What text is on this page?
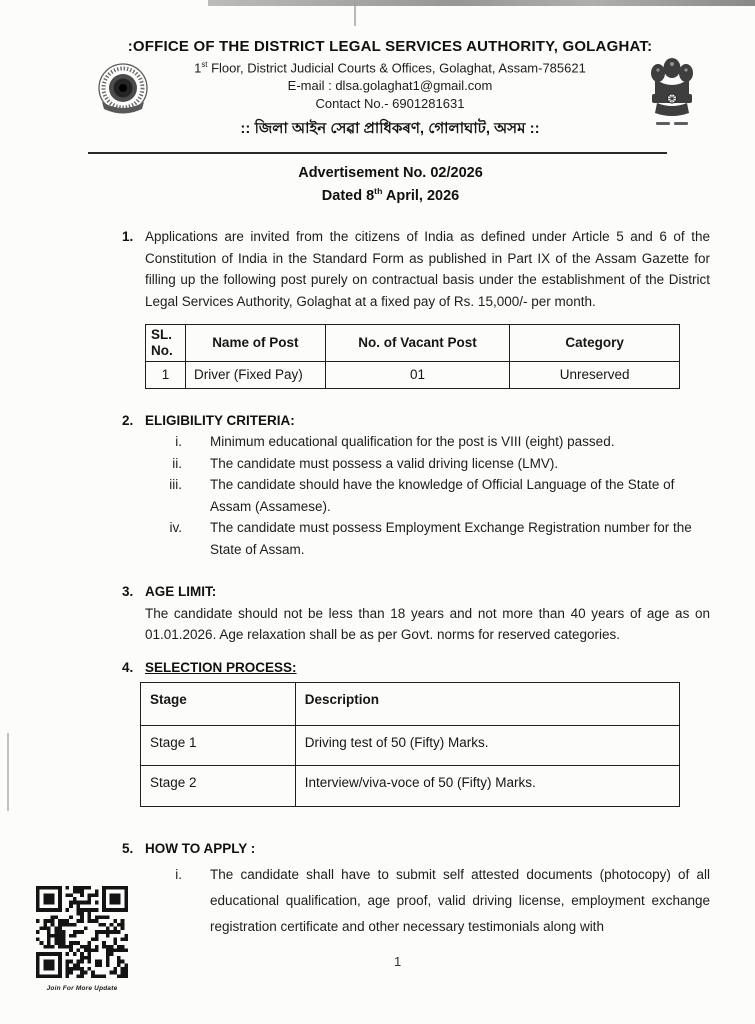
:OFFICE OF THE DISTRICT LEGAL SERVICES AUTHORITY, GOLAGHAT:
1st Floor, District Judicial Courts & Offices, Golaghat, Assam-785621
E-mail : dlsa.golaghat1@gmail.com
Contact No.- 6901281631
:: জিলা আইন সেৱা প্ৰাধিকৰণ, গোলাঘাট, অসম ::
Advertisement No. 02/2026
Dated 8th April, 2026
1. Applications are invited from the citizens of India as defined under Article 5 and 6 of the Constitution of India in the Standard Form as published in Part IX of the Assam Gazette for filling up the following post purely on contractual basis under the establishment of the District Legal Services Authority, Golaghat at a fixed pay of Rs. 15,000/- per month.
SL.
No.	Name of Post	No. of Vacant Post	Category
1	Driver (Fixed Pay)	01	Unreserved
2. ELIGIBILITY CRITERIA:
i. Minimum educational qualification for the post is VIII (eight) passed.
ii. The candidate must possess a valid driving license (LMV).
iii. The candidate should have the knowledge of Official Language of the State of Assam (Assamese).
iv. The candidate must possess Employment Exchange Registration number for the State of Assam.
3. AGE LIMIT:
The candidate should not be less than 18 years and not more than 40 years of age as on 01.01.2026. Age relaxation shall be as per Govt. norms for reserved categories.
4. SELECTION PROCESS:
Stage	Description
Stage 1	Driving test of 50 (Fifty) Marks.
Stage 2	Interview/viva-voce of 50 (Fifty) Marks.
5. HOW TO APPLY :
i. The candidate shall have to submit self attested documents (photocopy) of all educational qualification, age proof, valid driving license, employment exchange registration certificate and other necessary testimonials along with
1
Join For More Update
